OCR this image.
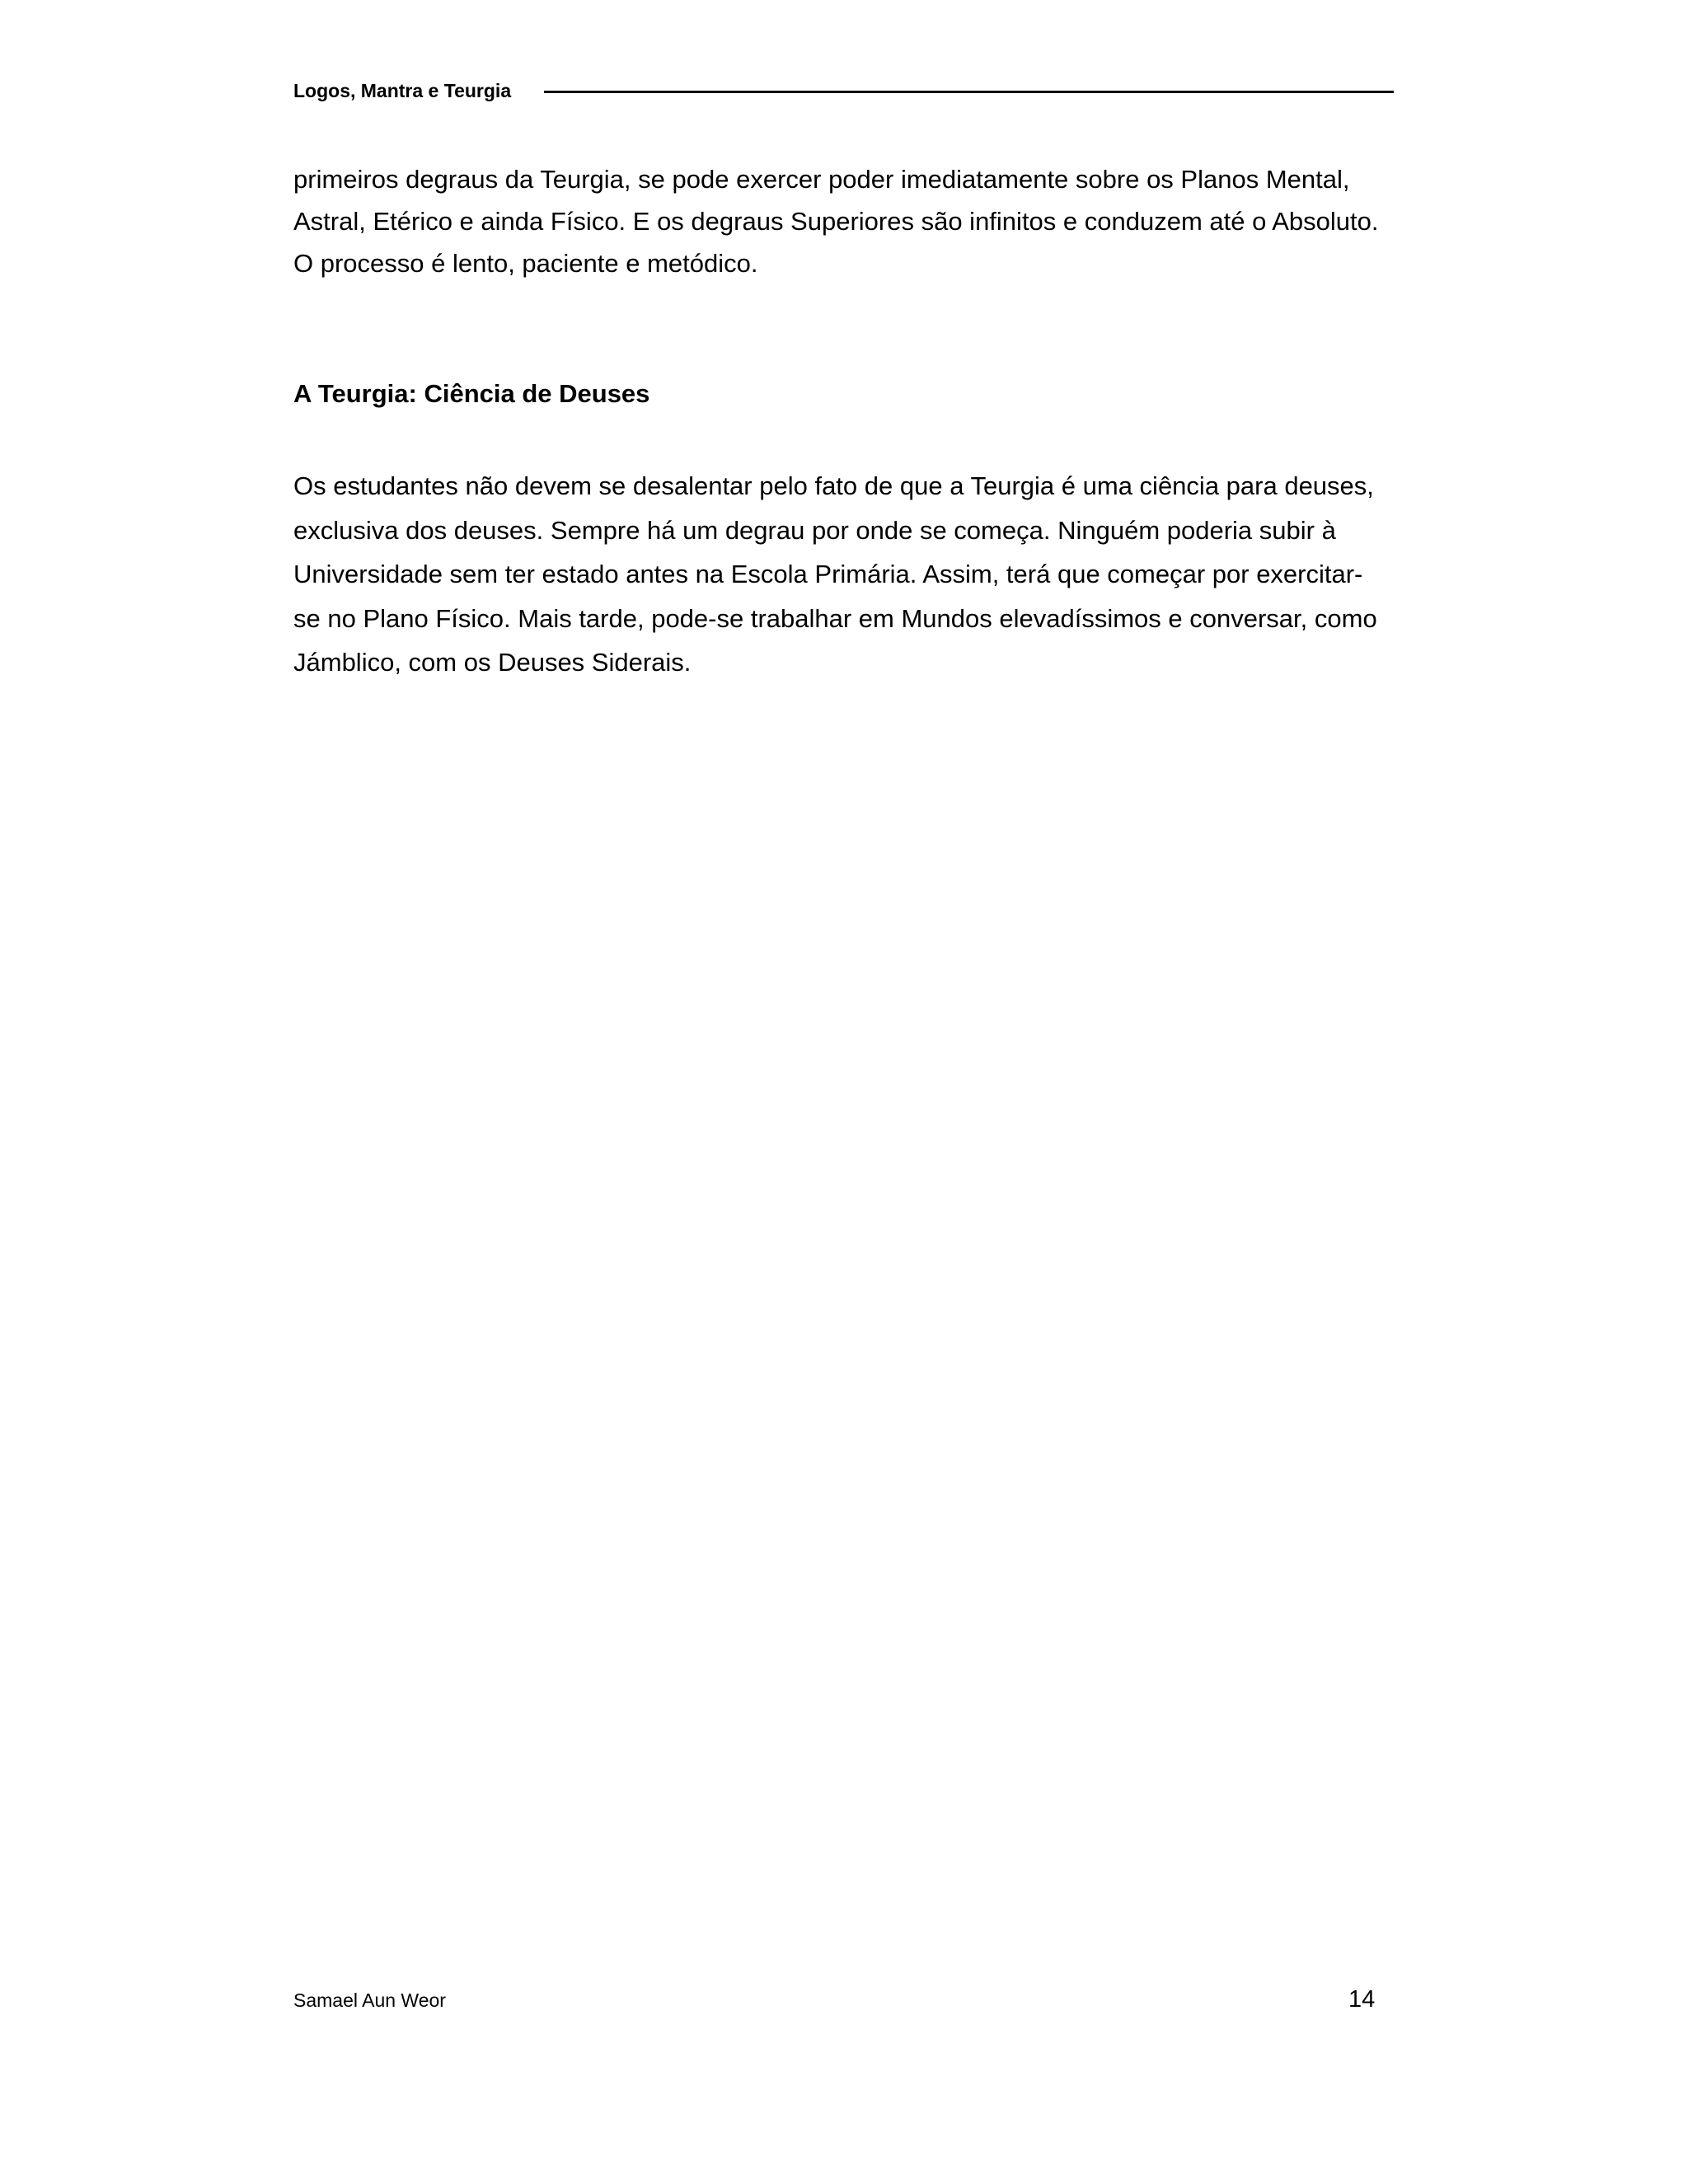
Logos, Mantra e Teurgia

primeiros degraus da Teurgia, se pode exercer poder imediatamente sobre os Planos Mental,
Astral, Etérico e ainda Físico. E os degraus Superiores são infinitos e conduzem até o Absoluto.
O processo é lento, paciente e metódico.

A Teurgia: Ciência de Deuses

Os estudantes não devem se desalentar pelo fato de que a Teurgia é uma ciência para deuses,
exclusiva dos deuses. Sempre há um degrau por onde se começa. Ninguém poderia subir à
Universidade sem ter estado antes na Escola Primária. Assim, terá que começar por exercitar-
se no Plano Físico. Mais tarde, pode-se trabalhar em Mundos elevadíssimos e conversar, como
Jámblico, com os Deuses Siderais.

Samael Aun Weor	14
